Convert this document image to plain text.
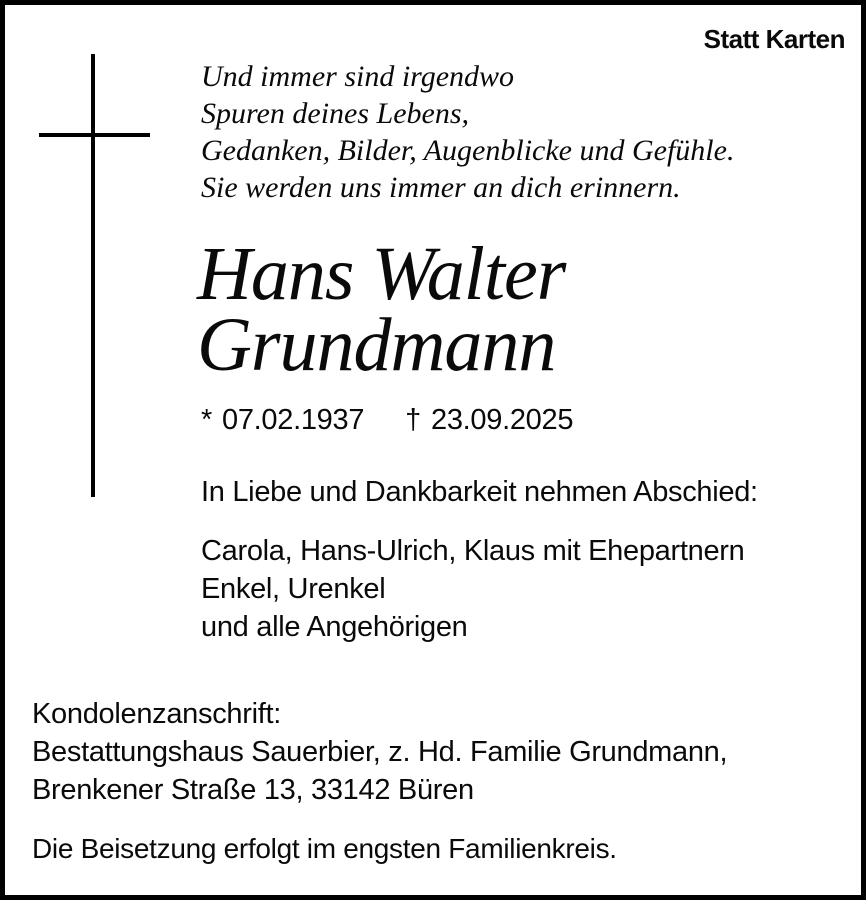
Statt Karten
Und immer sind irgendwo
Spuren deines Lebens,
Gedanken, Bilder, Augenblicke und Gefühle.
Sie werden uns immer an dich erinnern.
Hans Walter
Grundmann
* 07.02.1937 † 23.09.2025
In Liebe und Dankbarkeit nehmen Abschied:
Carola, Hans-Ulrich, Klaus mit Ehepartnern
Enkel, Urenkel
und alle Angehörigen
Kondolenzanschrift:
Bestattungshaus Sauerbier, z. Hd. Familie Grundmann,
Brenkener Straße 13, 33142 Büren
Die Beisetzung erfolgt im engsten Familienkreis.
